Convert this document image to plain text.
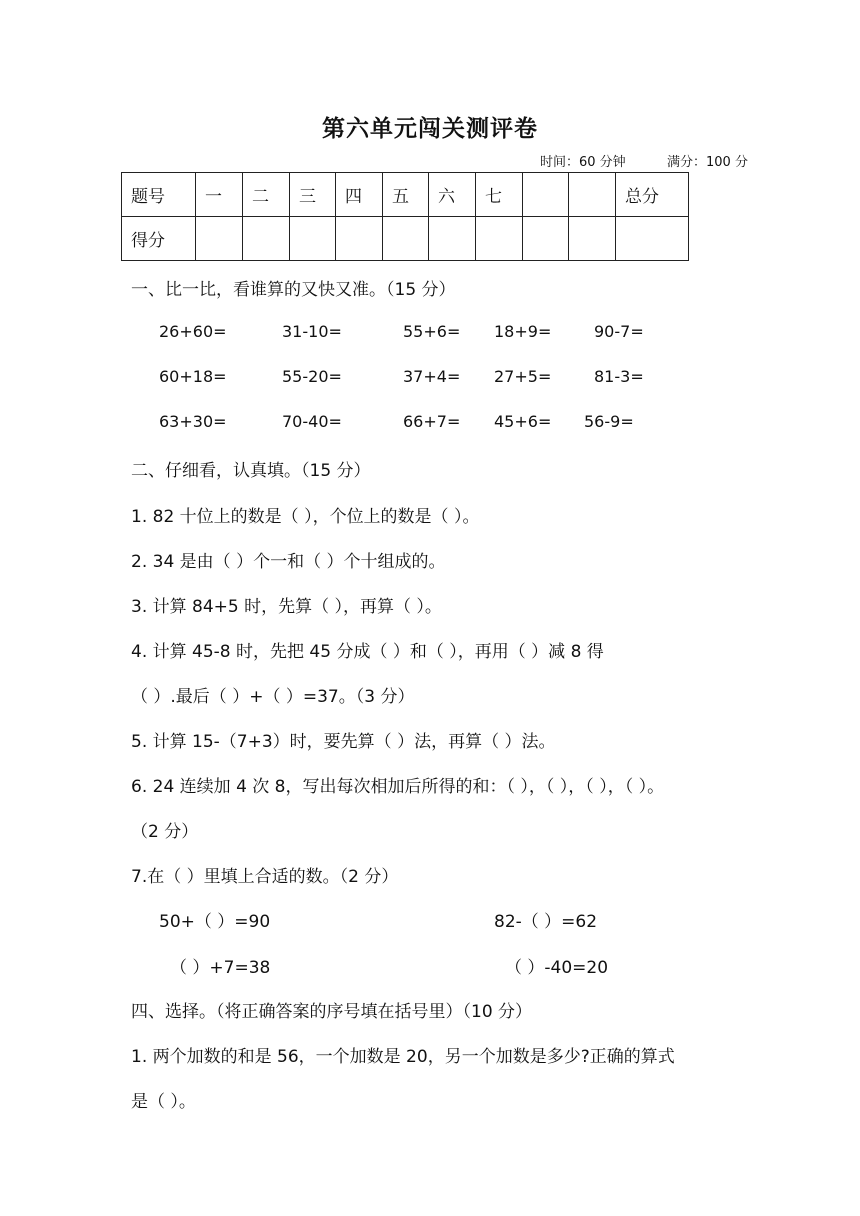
第六单元闯关测评卷
时间：60 分钟	满分：100 分
题号	一	二	三	四	五	六	七			总分
得分										
一、比一比，看谁算的又快又准。（15 分）
26+60=	31-10=	55+6= 18+9=	90-7=
60+18=	55-20=	37+4= 27+5=	81-3=
63+30=	70-40=	66+7= 45+6= 56-9=
二、仔细看，认真填。（15 分）
1. 82 十位上的数是（ ），个位上的数是（ ）。
2. 34 是由（ ）个一和（ ）个十组成的。
3. 计算 84+5 时，先算（ ），再算（ ）。
4. 计算 45-8 时，先把 45 分成（ ）和（ ），再用（ ）减 8 得
（ ）.最后（ ）+（ ）=37。（3 分）
5. 计算 15-（7+3）时，要先算（ ）法，再算（ ）法。
6. 24 连续加 4 次 8，写出每次相加后所得的和：（ ），（ ），（ ），（ ）。
（2 分）
7.在（ ）里填上合适的数。（2 分）
50+（ ）=90	82-（ ）=62
（ ）+7=38	（ ）-40=20
四、选择。（将正确答案的序号填在括号里）（10 分）
1. 两个加数的和是 56，一个加数是 20，另一个加数是多少?正确的算式
是（ ）。
